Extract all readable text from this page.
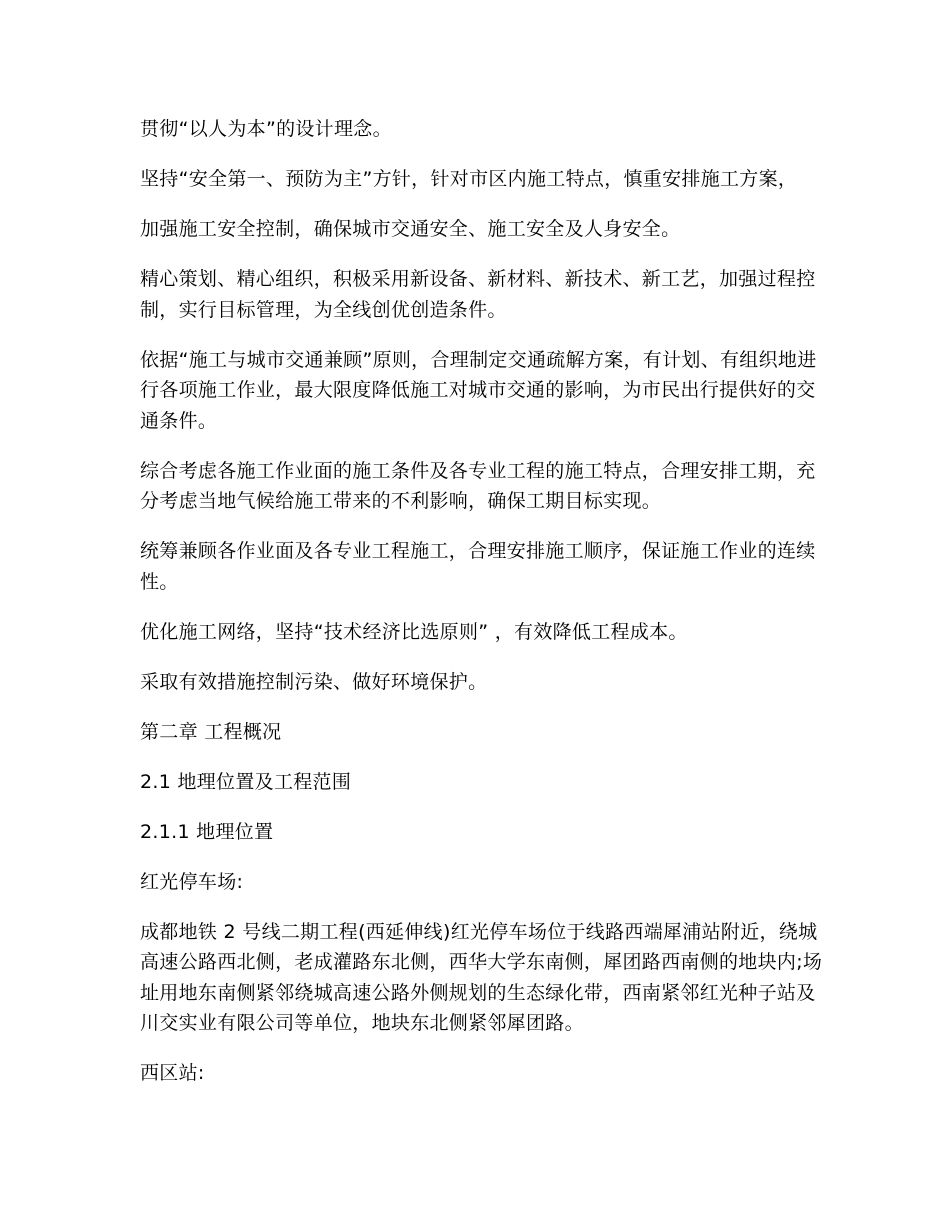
贯彻“以人为本”的设计理念。

坚持“安全第一、预防为主”方针，针对市区内施工特点，慎重安排施工方案，

加强施工安全控制，确保城市交通安全、施工安全及人身安全。

精心策划、精心组织，积极采用新设备、新材料、新技术、新工艺，加强过程控制，实行目标管理，为全线创优创造条件。

依据“施工与城市交通兼顾”原则，合理制定交通疏解方案，有计划、有组织地进行各项施工作业，最大限度降低施工对城市交通的影响，为市民出行提供好的交通条件。

综合考虑各施工作业面的施工条件及各专业工程的施工特点，合理安排工期，充分考虑当地气候给施工带来的不利影响，确保工期目标实现。

统筹兼顾各作业面及各专业工程施工，合理安排施工顺序，保证施工作业的连续性。

优化施工网络，坚持“技术经济比选原则” ，有效降低工程成本。

采取有效措施控制污染、做好环境保护。

第二章 工程概况

2.1 地理位置及工程范围

2.1.1 地理位置

红光停车场:

成都地铁 2 号线二期工程(西延伸线)红光停车场位于线路西端犀浦站附近，绕城高速公路西北侧，老成灌路东北侧，西华大学东南侧，犀团路西南侧的地块内;场址用地东南侧紧邻绕城高速公路外侧规划的生态绿化带，西南紧邻红光种子站及川交实业有限公司等单位，地块东北侧紧邻犀团路。

西区站:
